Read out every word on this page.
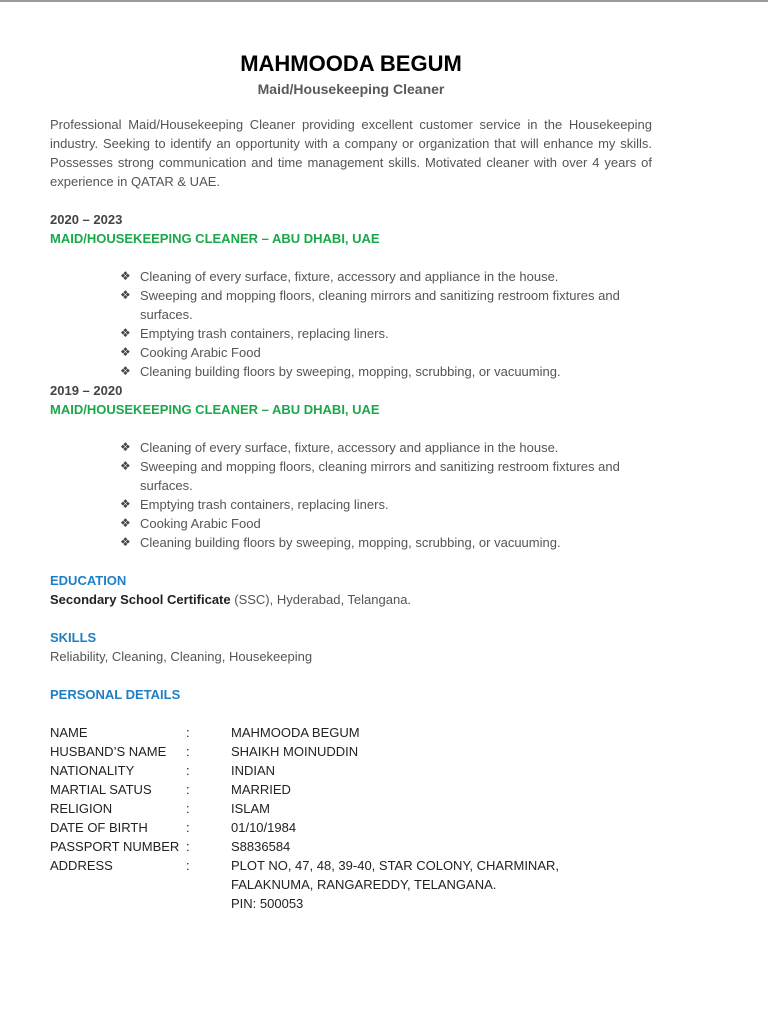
MAHMOODA BEGUM
Maid/Housekeeping Cleaner

Professional Maid/Housekeeping Cleaner providing excellent customer service in the Housekeeping industry. Seeking to identify an opportunity with a company or organization that will enhance my skills. Possesses strong communication and time management skills. Motivated cleaner with over 4 years of experience in QATAR & UAE.

2020 – 2023
MAID/HOUSEKEEPING CLEANER – ABU DHABI, UAE
❖ Cleaning of every surface, fixture, accessory and appliance in the house.
❖ Sweeping and mopping floors, cleaning mirrors and sanitizing restroom fixtures and surfaces.
❖ Emptying trash containers, replacing liners.
❖ Cooking Arabic Food
❖ Cleaning building floors by sweeping, mopping, scrubbing, or vacuuming.
2019 – 2020
MAID/HOUSEKEEPING CLEANER – ABU DHABI, UAE
❖ Cleaning of every surface, fixture, accessory and appliance in the house.
❖ Sweeping and mopping floors, cleaning mirrors and sanitizing restroom fixtures and surfaces.
❖ Emptying trash containers, replacing liners.
❖ Cooking Arabic Food
❖ Cleaning building floors by sweeping, mopping, scrubbing, or vacuuming.
EDUCATION

Secondary School Certificate (SSC), Hyderabad, Telangana.

SKILLS

Reliability, Cleaning, Cleaning, Housekeeping

PERSONAL DETAILS
NAME	:	MAHMOODA BEGUM
HUSBAND’S NAME	:	SHAIKH MOINUDDIN
NATIONALITY	:	INDIAN
MARTIAL SATUS	:	MARRIED
RELIGION	:	ISLAM
DATE OF BIRTH	:	01/10/1984
PASSPORT NUMBER	:	S8836584
ADDRESS	:	PLOT NO, 47, 48, 39-40, STAR COLONY, CHARMINAR,
FALAKNUMA, RANGAREDDY, TELANGANA.
PIN: 500053
